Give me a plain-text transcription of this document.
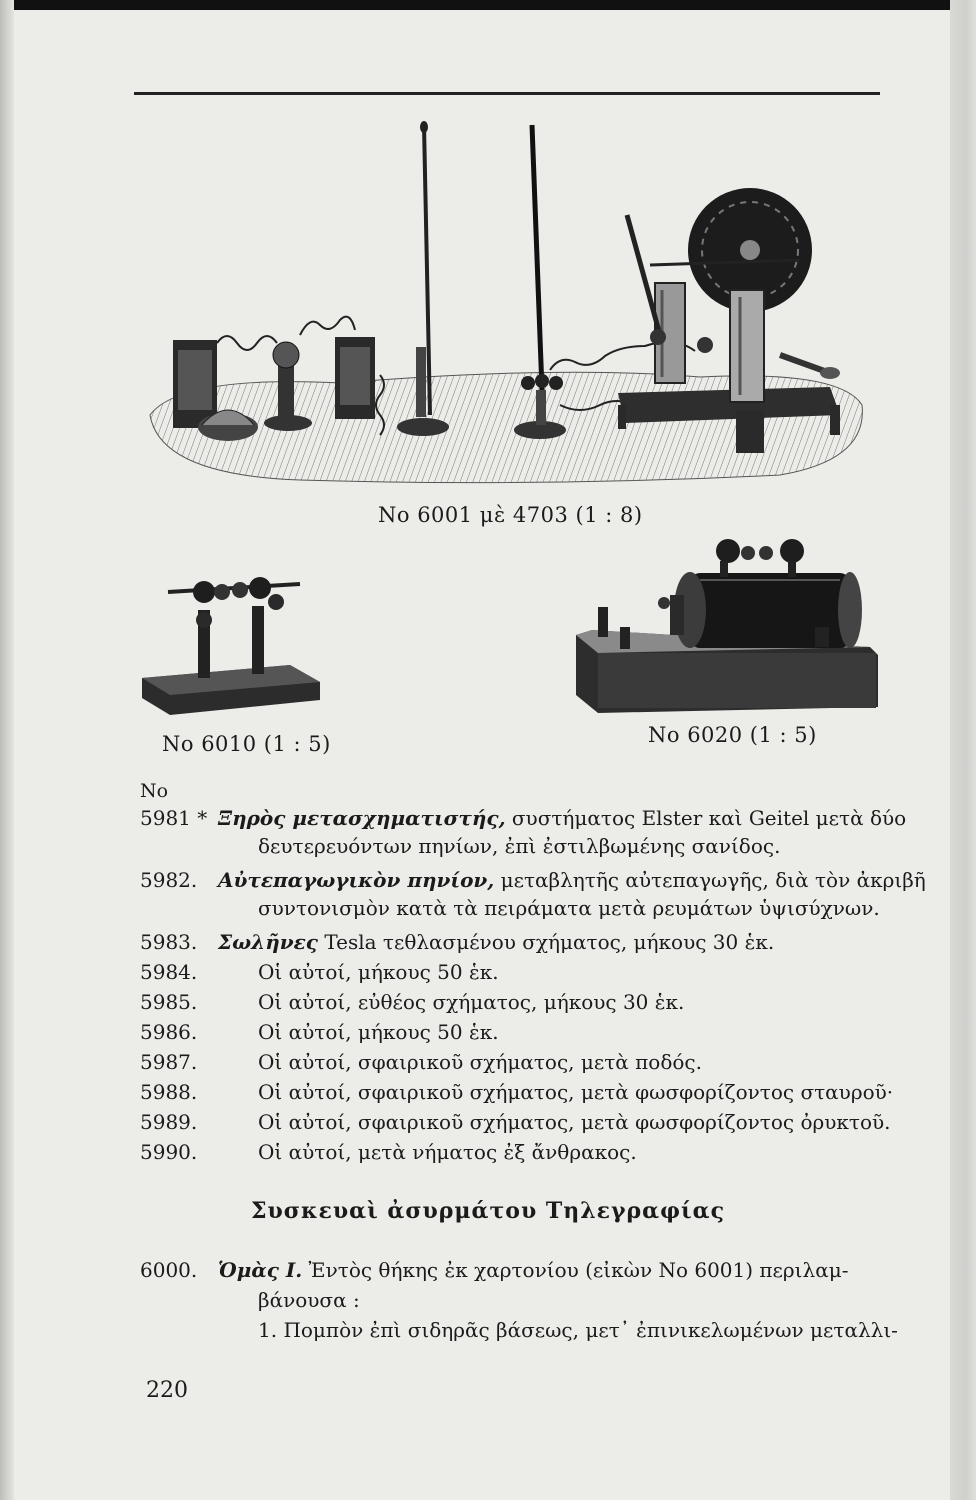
No 6001 μὲ 4703 (1 : 8)
No 6010 (1 : 5)	No 6020 (1 : 5)
No
5981 * Ξηρὸς μετασχηματιστής, συστήματος Elster καὶ Geitel μετὰ δύο
δευτερευόντων πηνίων, ἐπὶ ἐστιλβωμένης σανίδος.
5982. Αὐτεπαγωγικὸν πηνίον, μεταβλητῆς αὐτεπαγωγῆς, διὰ τὸν ἀκριβῆ
συντονισμὸν κατὰ τὰ πειράματα μετὰ ρευμάτων ὑψισύχνων.
5983. Σωλῆνες Tesla τεθλασμένου σχήματος, μήκους 30 ἑκ.
5984.	Οἱ αὐτοί, μήκους 50 ἑκ.
5985.	Οἱ αὐτοί, εὐθέος σχήματος, μήκους 30 ἑκ.
5986.	Οἱ αὐτοί, μήκους 50 ἑκ.
5987.	Οἱ αὐτοί, σφαιρικοῦ σχήματος, μετὰ ποδός.
5988.	Οἱ αὐτοί, σφαιρικοῦ σχήματος, μετὰ φωσφορίζοντος σταυροῦ·
5989.	Οἱ αὐτοί, σφαιρικοῦ σχήματος, μετὰ φωσφορίζοντος ὀρυκτοῦ.
5990.	Οἱ αὐτοί, μετὰ νήματος ἐξ ἄνθρακος.
Συσκευαὶ ἀσυρμάτου Τηλεγραφίας
6000. Ὁμὰς Ι. Ἐντὸς θήκης ἐκ χαρτονίου (εἰκὼν No 6001) περιλαμ-
βάνουσα :
1. Πομπὸν ἐπὶ σιδηρᾶς βάσεως, μετ᾽ ἐπινικελωμένων μεταλλι-
220
